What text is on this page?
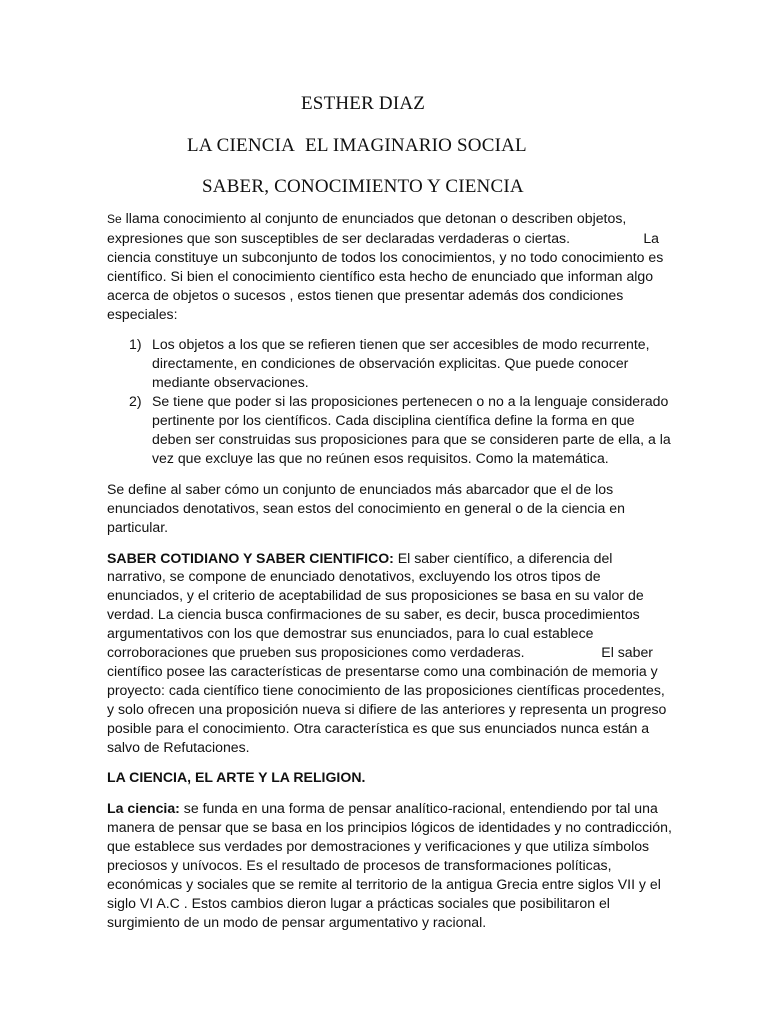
ESTHER DIAZ
LA CIENCIA EL IMAGINARIO SOCIAL
SABER, CONOCIMIENTO Y CIENCIA
Se llama conocimiento al conjunto de enunciados que detonan o describen objetos,
expresiones que son susceptibles de ser declaradas verdaderas o ciertas.	La
ciencia constituye un subconjunto de todos los conocimientos, y no todo conocimiento es
científico. Si bien el conocimiento científico esta hecho de enunciado que informan algo
acerca de objetos o sucesos , estos tienen que presentar además dos condiciones
especiales:
1) Los objetos a los que se refieren tienen que ser accesibles de modo recurrente,
directamente, en condiciones de observación explicitas. Que puede conocer
mediante observaciones.
2) Se tiene que poder si las proposiciones pertenecen o no a la lenguaje considerado
pertinente por los científicos. Cada disciplina científica define la forma en que
deben ser construidas sus proposiciones para que se consideren parte de ella, a la
vez que excluye las que no reúnen esos requisitos. Como la matemática.
Se define al saber cómo un conjunto de enunciados más abarcador que el de los
enunciados denotativos, sean estos del conocimiento en general o de la ciencia en
particular.
SABER COTIDIANO Y SABER CIENTIFICO: El saber científico, a diferencia del
narrativo, se compone de enunciado denotativos, excluyendo los otros tipos de
enunciados, y el criterio de aceptabilidad de sus proposiciones se basa en su valor de
verdad. La ciencia busca confirmaciones de su saber, es decir, busca procedimientos
argumentativos con los que demostrar sus enunciados, para lo cual establece
corroboraciones que prueben sus proposiciones como verdaderas.	El saber
científico posee las características de presentarse como una combinación de memoria y
proyecto: cada científico tiene conocimiento de las proposiciones científicas procedentes,
y solo ofrecen una proposición nueva si difiere de las anteriores y representa un progreso
posible para el conocimiento. Otra característica es que sus enunciados nunca están a
salvo de Refutaciones.
LA CIENCIA, EL ARTE Y LA RELIGION.
La ciencia: se funda en una forma de pensar analítico-racional, entendiendo por tal una
manera de pensar que se basa en los principios lógicos de identidades y no contradicción,
que establece sus verdades por demostraciones y verificaciones y que utiliza símbolos
preciosos y unívocos. Es el resultado de procesos de transformaciones políticas,
económicas y sociales que se remite al territorio de la antigua Grecia entre siglos VII y el
siglo VI A.C . Estos cambios dieron lugar a prácticas sociales que posibilitaron el
surgimiento de un modo de pensar argumentativo y racional.
